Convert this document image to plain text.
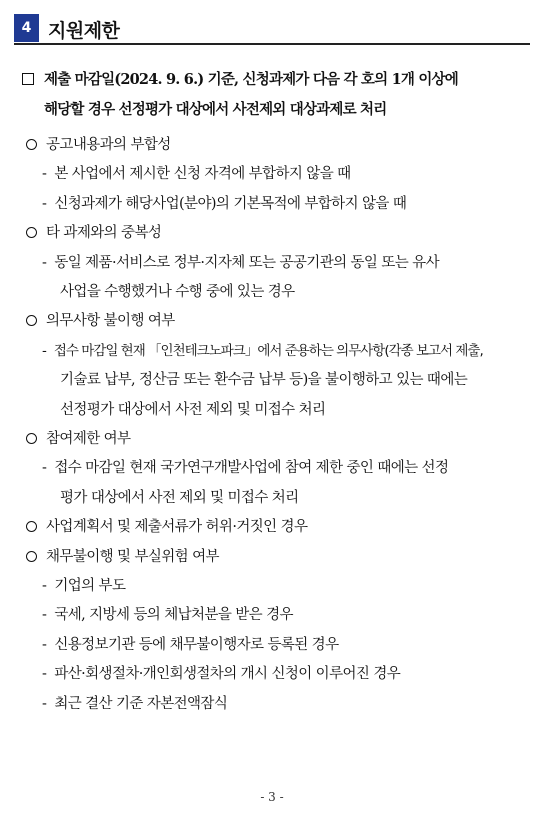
4 지원제한
제출 마감일(2024. 9. 6.) 기준, 신청과제가 다음 각 호의 1개 이상에
해당할 경우 선정평가 대상에서 사전제외 대상과제로 처리
공고내용과의 부합성
- 본 사업에서 제시한 신청 자격에 부합하지 않을 때
- 신청과제가 해당사업(분야)의 기본목적에 부합하지 않을 때
타 과제와의 중복성
- 동일 제품·서비스로 정부·지자체 또는 공공기관의 동일 또는 유사
사업을 수행했거나 수행 중에 있는 경우
의무사항 불이행 여부
- 접수 마감일 현재 「인천테크노파크」에서 준용하는 의무사항(각종 보고서 제출,
기술료 납부, 정산금 또는 환수금 납부 등)을 불이행하고 있는 때에는
선정평가 대상에서 사전 제외 및 미접수 처리
참여제한 여부
- 접수 마감일 현재 국가연구개발사업에 참여 제한 중인 때에는 선정
평가 대상에서 사전 제외 및 미접수 처리
사업계획서 및 제출서류가 허위·거짓인 경우
채무불이행 및 부실위험 여부
- 기업의 부도
- 국세, 지방세 등의 체납처분을 받은 경우
- 신용정보기관 등에 채무불이행자로 등록된 경우
- 파산·회생절차·개인회생절차의 개시 신청이 이루어진 경우
- 최근 결산 기준 자본전액잠식
- 3 -
